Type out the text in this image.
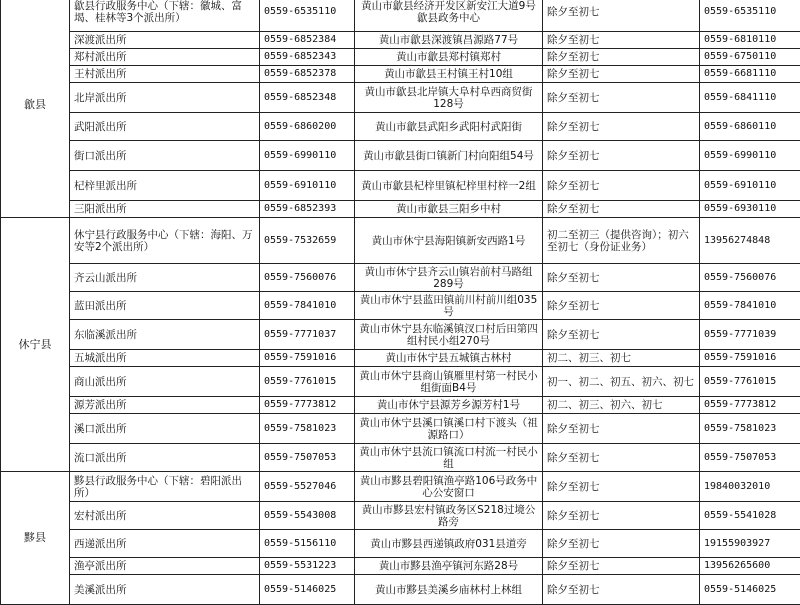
歙县	歙县行政服务中心（下辖：徽城、富堨、桂林等3个派出所）	0559-6535110	黄山市歙县经济开发区新安江大道9号歙县政务中心	除夕至初七	0559-6535110
	深渡派出所	0559-6852384	黄山市歙县深渡镇昌源路77号	除夕至初七	0559-6810110
	郑村派出所	0559-6852343	黄山市歙县郑村镇郑村	除夕至初七	0559-6750110
	王村派出所	0559-6852378	黄山市歙县王村镇王村10组	除夕至初七	0559-6681110
	北岸派出所	0559-6852348	黄山市歙县北岸镇大阜村阜西商贸街128号	除夕至初七	0559-6841110
	武阳派出所	0559-6860200	黄山市歙县武阳乡武阳村武阳街	除夕至初七	0559-6860110
	街口派出所	0559-6990110	黄山市歙县街口镇新门村向阳组54号	除夕至初七	0559-6990110
	杞梓里派出所	0559-6910110	黄山市歙县杞梓里镇杞梓里村梓一2组	除夕至初七	0559-6910110
	三阳派出所	0559-6852393	黄山市歙县三阳乡中村	除夕至初七	0559-6930110
休宁县	休宁县行政服务中心（下辖：海阳、万安等2个派出所）	0559-7532659	黄山市休宁县海阳镇新安西路1号	初二至初三（提供咨询）；初六至初七（身份证业务）	13956274848
	齐云山派出所	0559-7560076	黄山市休宁县齐云山镇岩前村马路组289号	除夕至初七	0559-7560076
	蓝田派出所	0559-7841010	黄山市休宁县蓝田镇前川村前川组035号	除夕至初七	0559-7841010
	东临溪派出所	0559-7771037	黄山市休宁县东临溪镇汊口村后田第四组村民小组270号	除夕至初七	0559-7771039
	五城派出所	0559-7591016	黄山市休宁县五城镇古林村	初二、初三、初七	0559-7591016
	商山派出所	0559-7761015	黄山市休宁县商山镇雁里村第一村民小组街面B4号	初一、初二、初五、初六、初七	0559-7761015
	源芳派出所	0559-7773812	黄山市休宁县源芳乡源芳村1号	初二、初三、初六、初七	0559-7773812
	溪口派出所	0559-7581023	黄山市休宁县溪口镇溪口村下渡头（祖源路口）	除夕至初七	0559-7581023
	流口派出所	0559-7507053	黄山市休宁县流口镇流口村流一村民小组	除夕至初七	0559-7507053
黟县	黟县行政服务中心（下辖：碧阳派出所）	0559-5527046	黄山市黟县碧阳镇渔亭路106号政务中心公安窗口	除夕至初七	19840032010
	宏村派出所	0559-5543008	黄山市黟县宏村镇政务区S218过境公路旁	除夕至初七	0559-5541028
	西递派出所	0559-5156110	黄山市黟县西递镇政府031县道旁	除夕至初七	19155903927
	渔亭派出所	0559-5531223	黄山市黟县渔亭镇河东路28号	除夕至初七	13956265600
	美溪派出所	0559-5146025	黄山市黟县美溪乡庙林村上林组	除夕至初七	0559-5146025
